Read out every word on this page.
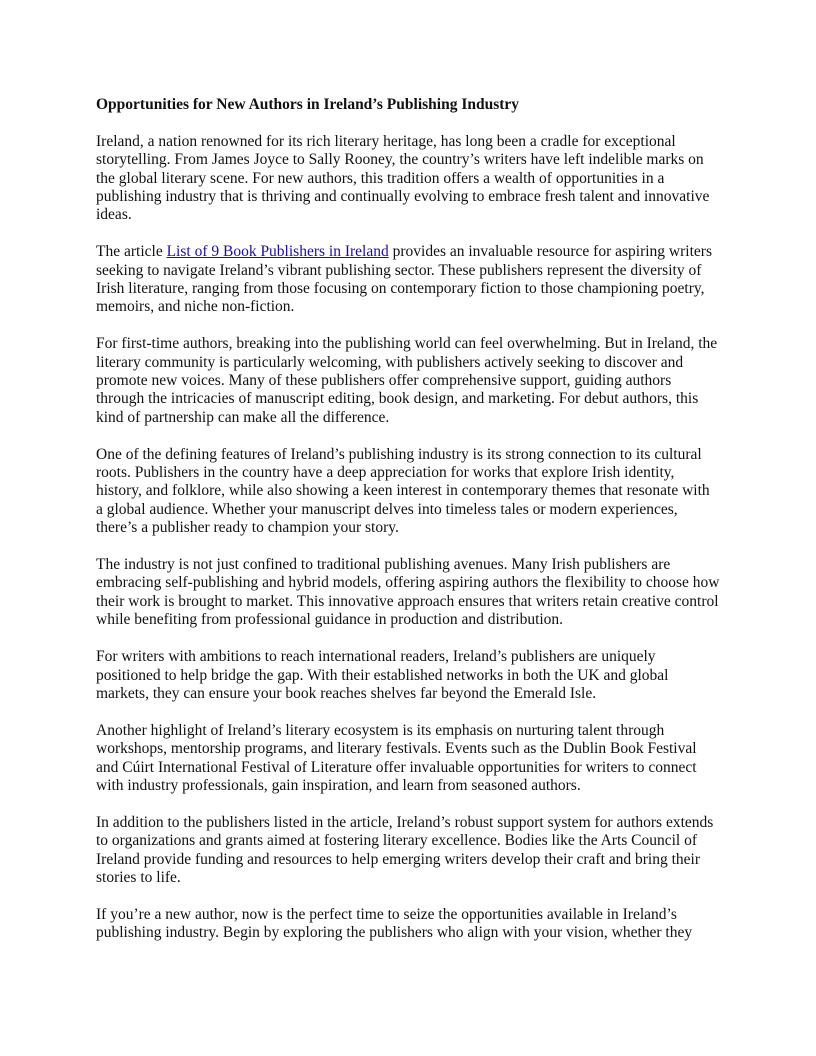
Opportunities for New Authors in Ireland’s Publishing Industry

Ireland, a nation renowned for its rich literary heritage, has long been a cradle for exceptional storytelling. From James Joyce to Sally Rooney, the country’s writers have left indelible marks on the global literary scene. For new authors, this tradition offers a wealth of opportunities in a publishing industry that is thriving and continually evolving to embrace fresh talent and innovative ideas.

The article List of 9 Book Publishers in Ireland provides an invaluable resource for aspiring writers seeking to navigate Ireland’s vibrant publishing sector. These publishers represent the diversity of Irish literature, ranging from those focusing on contemporary fiction to those championing poetry, memoirs, and niche non-fiction.

For first-time authors, breaking into the publishing world can feel overwhelming. But in Ireland, the literary community is particularly welcoming, with publishers actively seeking to discover and promote new voices. Many of these publishers offer comprehensive support, guiding authors through the intricacies of manuscript editing, book design, and marketing. For debut authors, this kind of partnership can make all the difference.

One of the defining features of Ireland’s publishing industry is its strong connection to its cultural roots. Publishers in the country have a deep appreciation for works that explore Irish identity, history, and folklore, while also showing a keen interest in contemporary themes that resonate with a global audience. Whether your manuscript delves into timeless tales or modern experiences, there’s a publisher ready to champion your story.

The industry is not just confined to traditional publishing avenues. Many Irish publishers are embracing self-publishing and hybrid models, offering aspiring authors the flexibility to choose how their work is brought to market. This innovative approach ensures that writers retain creative control while benefiting from professional guidance in production and distribution.

For writers with ambitions to reach international readers, Ireland’s publishers are uniquely positioned to help bridge the gap. With their established networks in both the UK and global markets, they can ensure your book reaches shelves far beyond the Emerald Isle.

Another highlight of Ireland’s literary ecosystem is its emphasis on nurturing talent through workshops, mentorship programs, and literary festivals. Events such as the Dublin Book Festival and Cúirt International Festival of Literature offer invaluable opportunities for writers to connect with industry professionals, gain inspiration, and learn from seasoned authors.

In addition to the publishers listed in the article, Ireland’s robust support system for authors extends to organizations and grants aimed at fostering literary excellence. Bodies like the Arts Council of Ireland provide funding and resources to help emerging writers develop their craft and bring their stories to life.

If you’re a new author, now is the perfect time to seize the opportunities available in Ireland’s publishing industry. Begin by exploring the publishers who align with your vision, whether they
